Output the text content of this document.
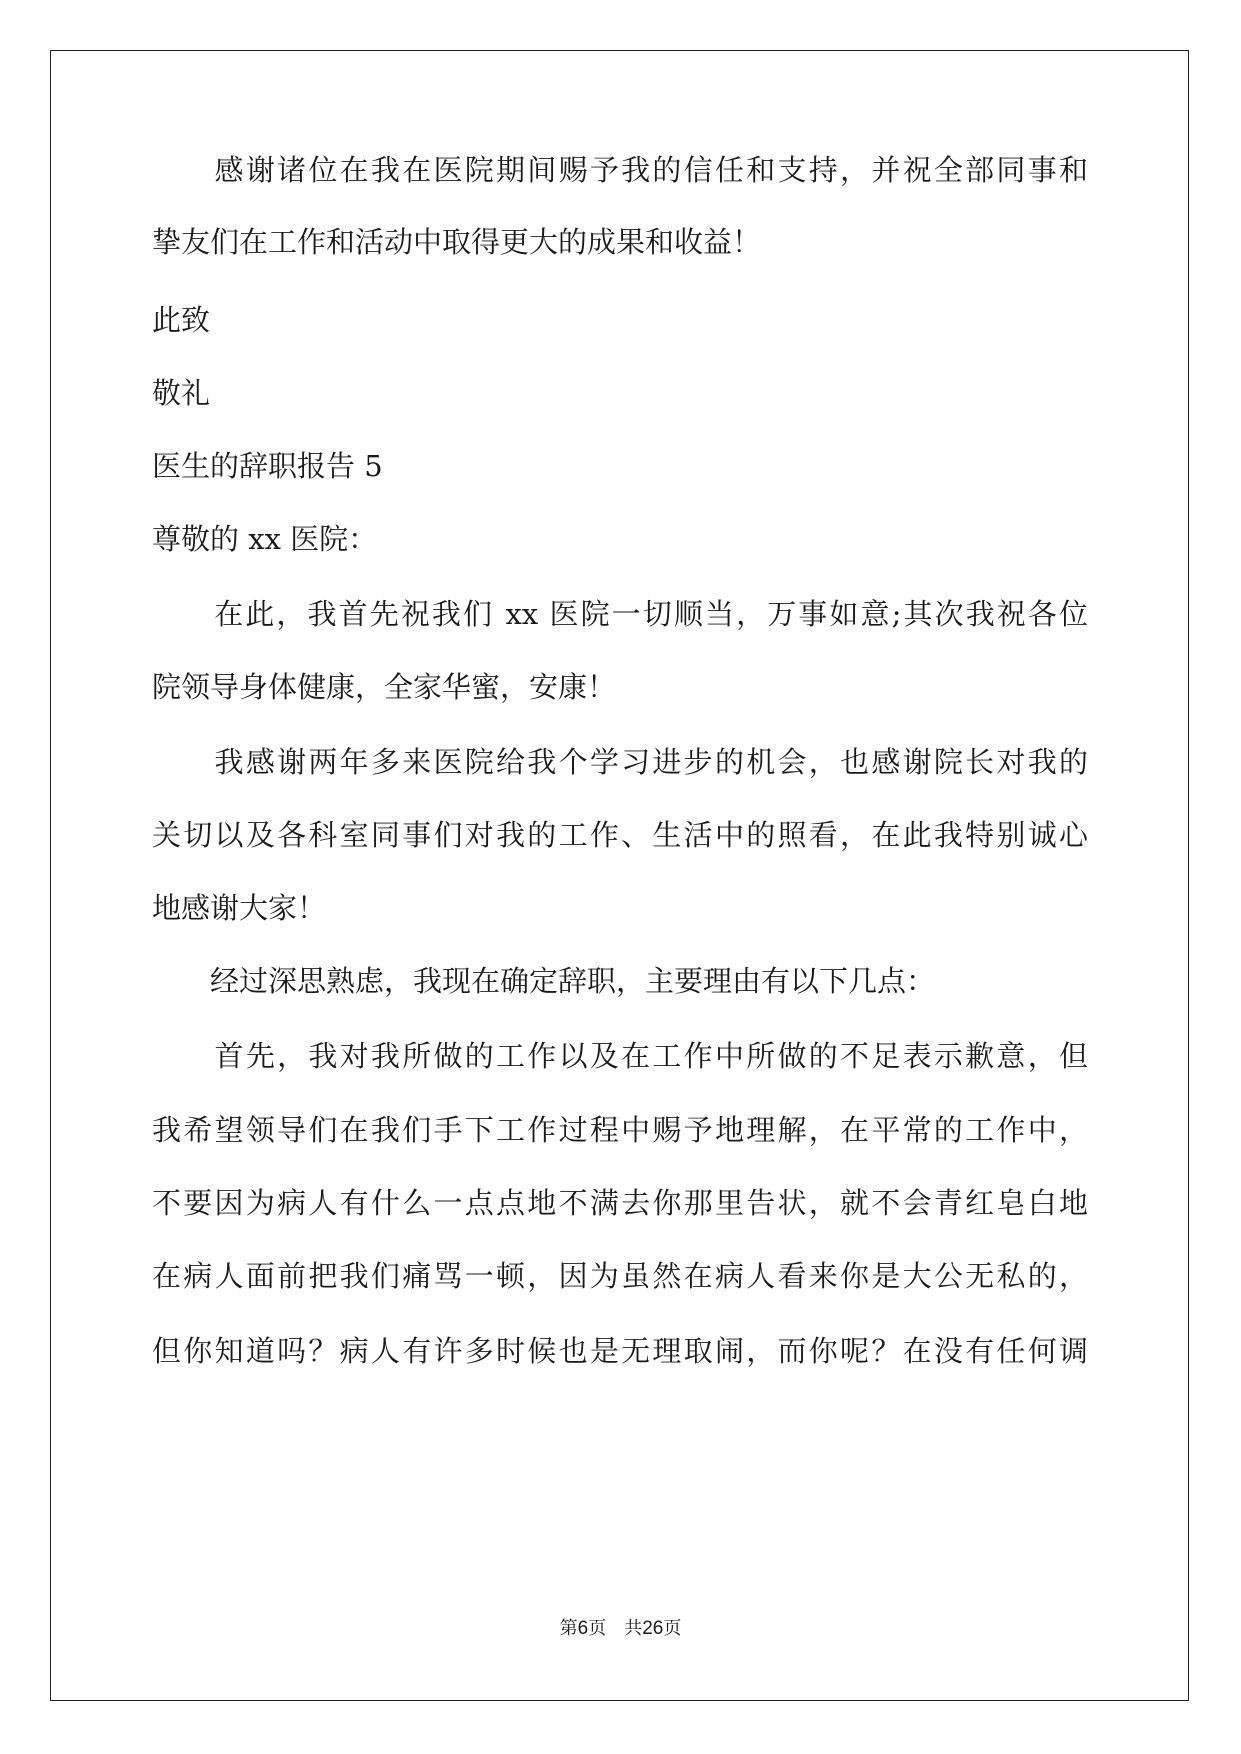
　　感谢诸位在我在医院期间赐予我的信任和支持，并祝全部同事和
挚友们在工作和活动中取得更大的成果和收益！
此致
敬礼
医生的辞职报告 5
尊敬的 xx 医院：
　　在此，我首先祝我们 xx 医院一切顺当，万事如意;其次我祝各位
院领导身体健康，全家华蜜，安康！
　　我感谢两年多来医院给我个学习进步的机会，也感谢院长对我的
关切以及各科室同事们对我的工作、生活中的照看，在此我特别诚心
地感谢大家！
　　经过深思熟虑，我现在确定辞职，主要理由有以下几点：
　　首先，我对我所做的工作以及在工作中所做的不足表示歉意，但
我希望领导们在我们手下工作过程中赐予地理解，在平常的工作中，
不要因为病人有什么一点点地不满去你那里告状，就不会青红皂白地
在病人面前把我们痛骂一顿，因为虽然在病人看来你是大公无私的，
但你知道吗？病人有许多时候也是无理取闹，而你呢？在没有任何调
第6页 共26页
